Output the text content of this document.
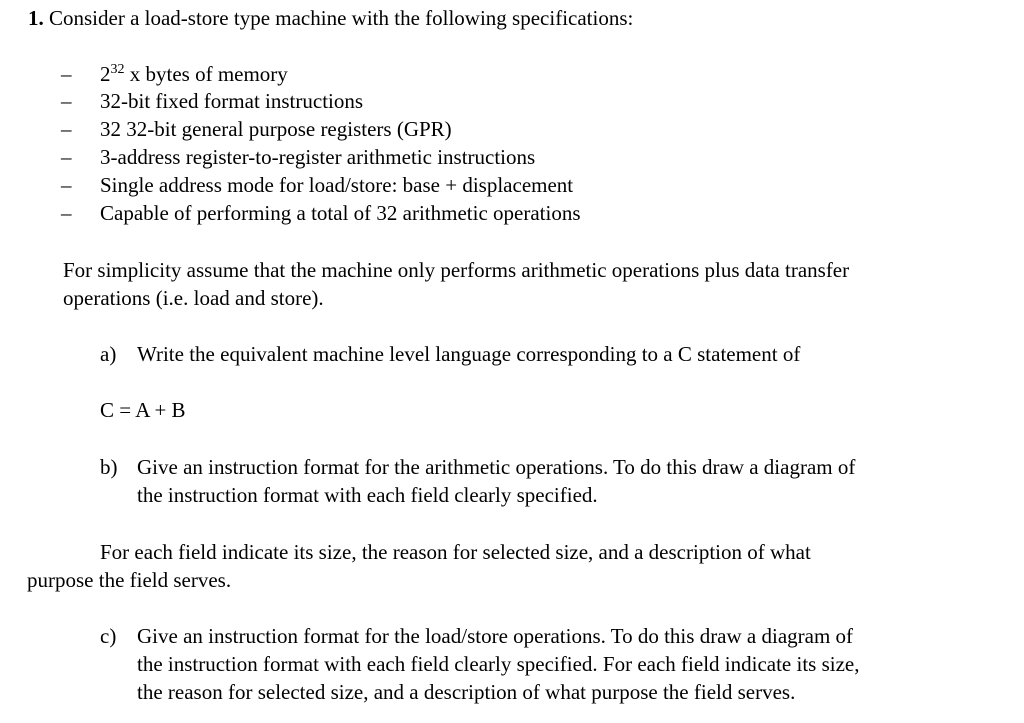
1. Consider a load-store type machine with the following specifications:
– $2^{32}$ x bytes of memory
– 32-bit fixed format instructions
– 32 32-bit general purpose registers (GPR)
– 3-address register-to-register arithmetic instructions
– Single address mode for load/store: base + displacement
– Capable of performing a total of 32 arithmetic operations
For simplicity assume that the machine only performs arithmetic operations plus data transfer
operations (i.e. load and store).
a) Write the equivalent machine level language corresponding to a C statement of
C = A + B
b) Give an instruction format for the arithmetic operations. To do this draw a diagram of
the instruction format with each field clearly specified.
For each field indicate its size, the reason for selected size, and a description of what
purpose the field serves.
c) Give an instruction format for the load/store operations. To do this draw a diagram of
the instruction format with each field clearly specified. For each field indicate its size,
the reason for selected size, and a description of what purpose the field serves.
